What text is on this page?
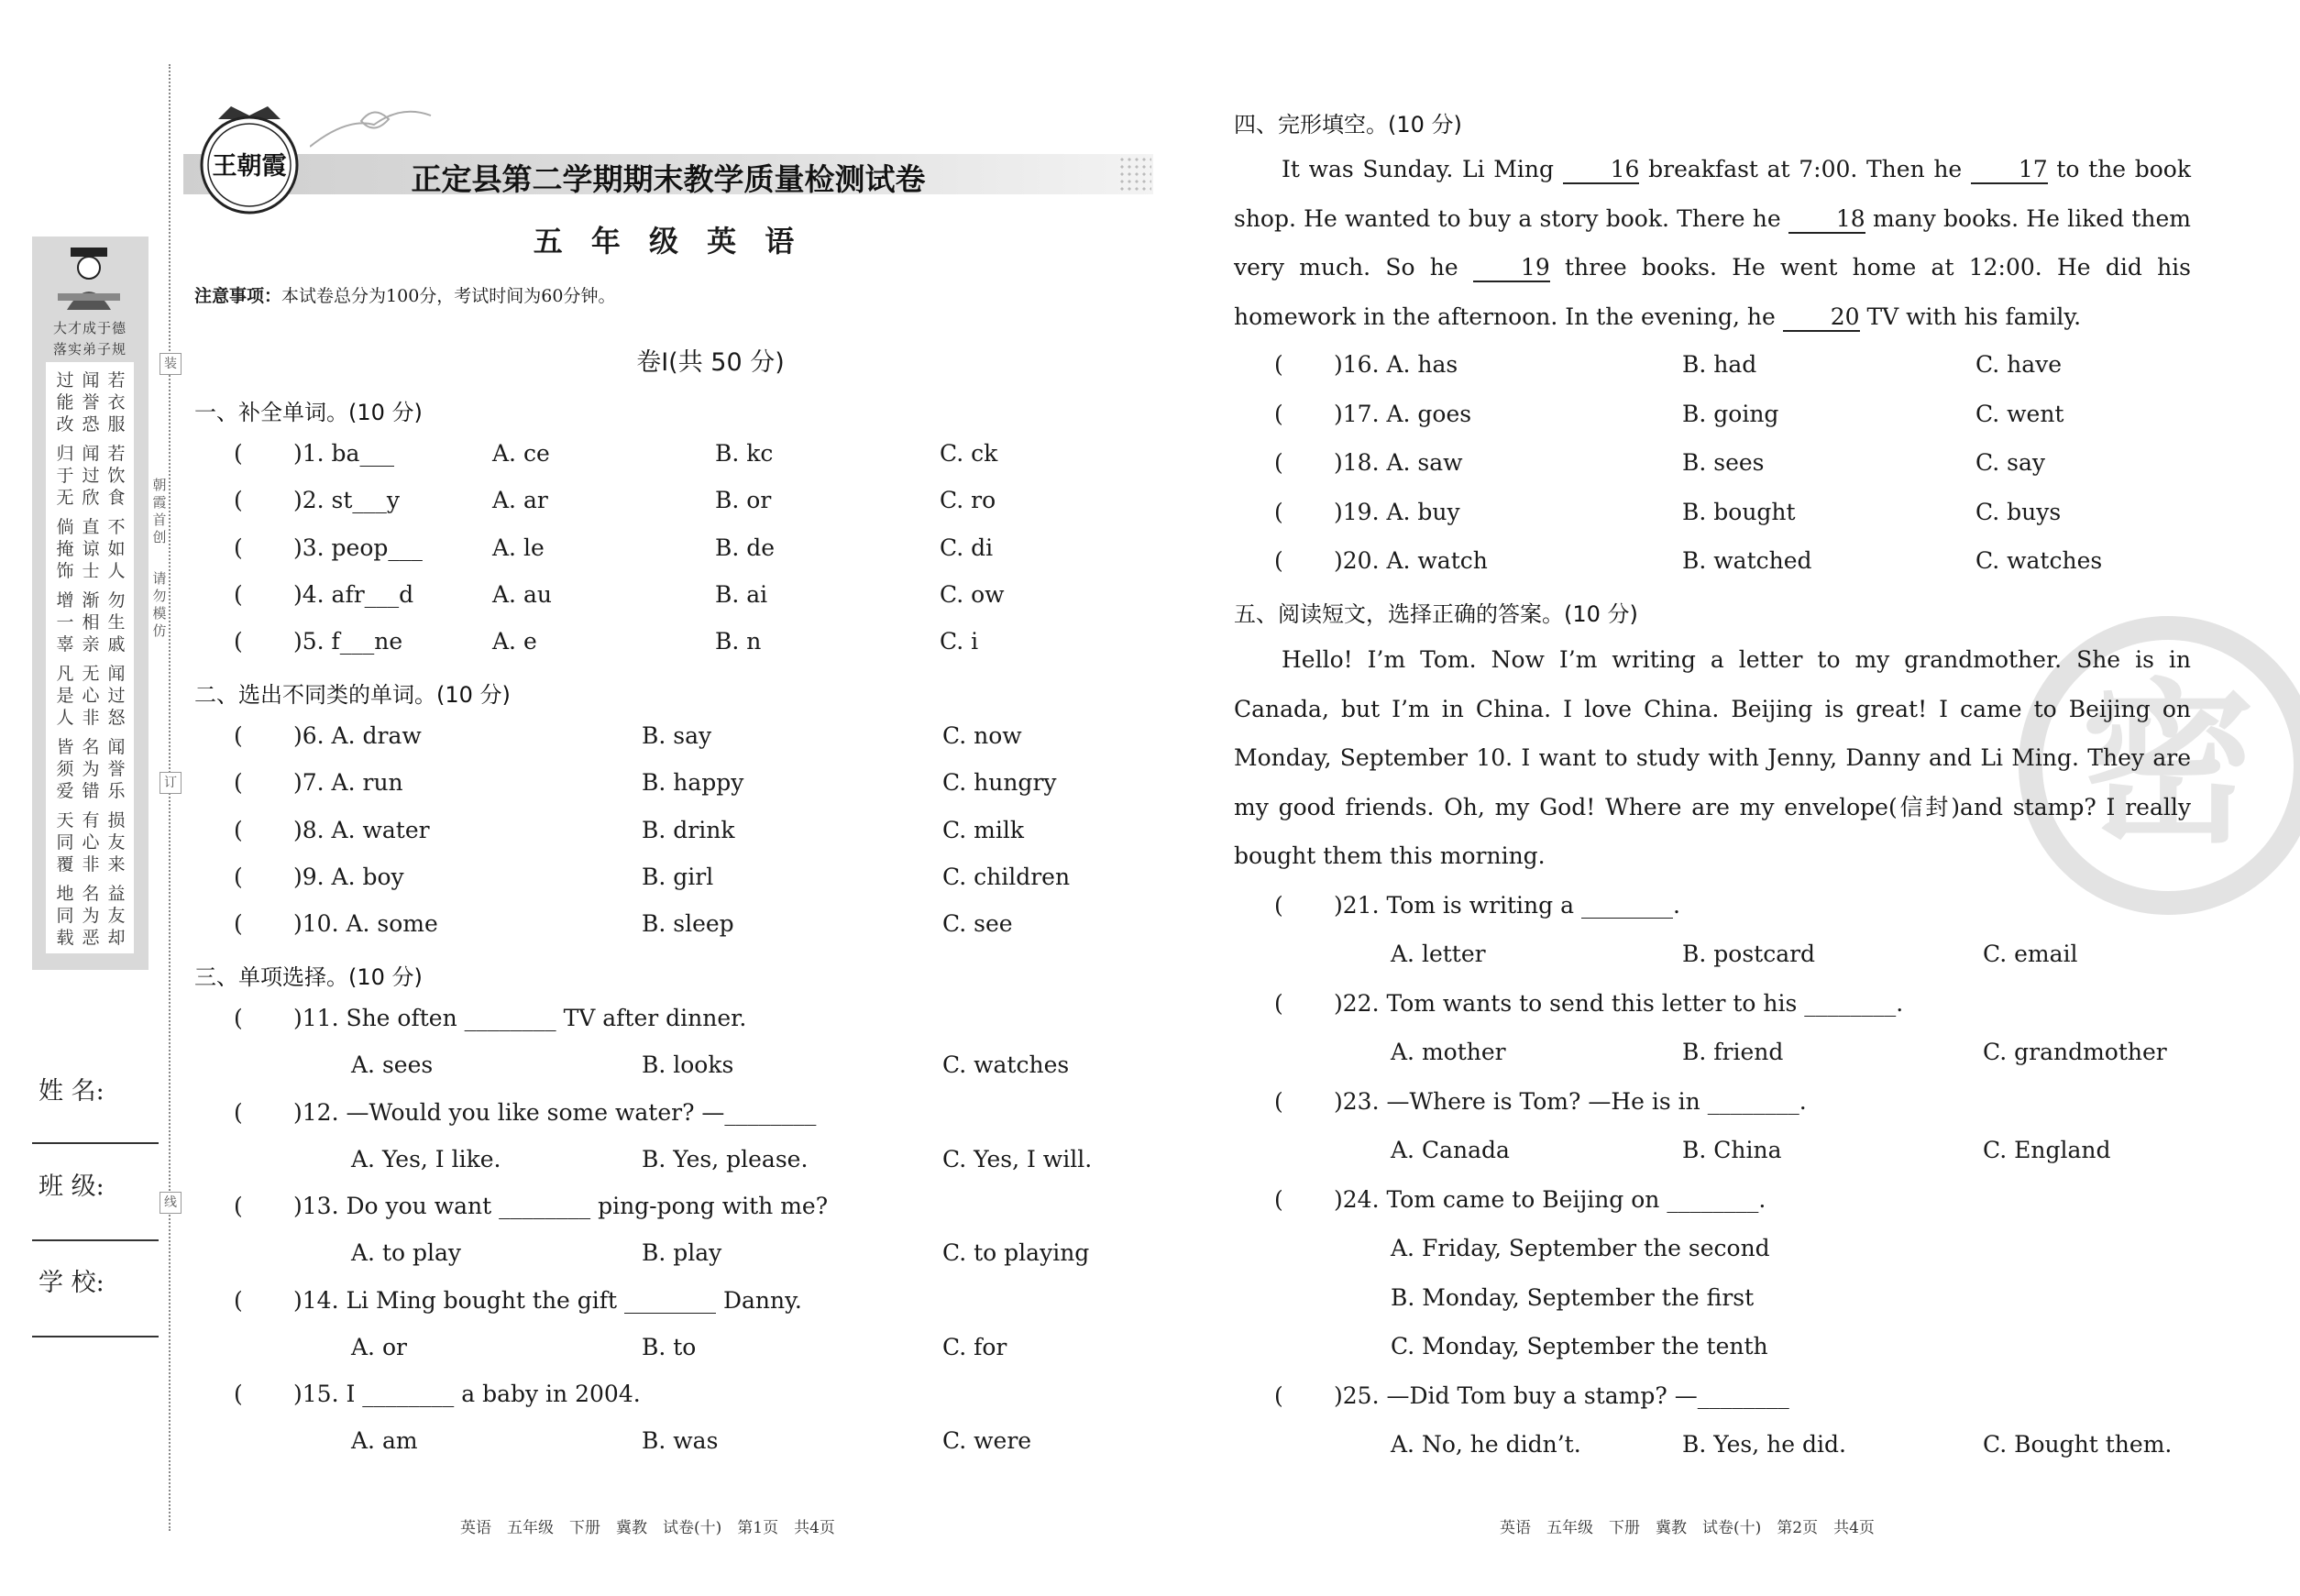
大才成于德
落实弟子规
过能改
闻誉恐
若衣服
归于无
闻过欣
若饮食
倘掩饰
直谅士
不如人
增一辜
渐相亲
勿生戚
凡是人
无心非
闻过怒
皆须爱
名为错
闻誉乐
天同覆
有心非
损友来
地同载
名为恶
益友却
装
订
线
朝霞首创
请勿模仿
姓 名:
班 级:
学 校:
王朝霞	正定县第二学期期末教学质量检测试卷
五 年 级 英 语
注意事项：本试卷总分为100分，考试时间为60分钟。
卷Ⅰ(共 50 分)
一、补全单词。(10 分)
( )1. ba___	A. ce	B. kc	C. ck
( )2. st___y	A. ar	B. or	C. ro
( )3. peop___	A. le	B. de	C. di
( )4. afr___d	A. au	B. ai	C. ow
( )5. f___ne	A. e	B. n	C. i
二、选出不同类的单词。(10 分)
( )6. A. draw	B. say	C. now
( )7. A. run	B. happy	C. hungry
( )8. A. water	B. drink	C. milk
( )9. A. boy	B. girl	C. children
( )10. A. some	B. sleep	C. see
三、单项选择。(10 分)
( )11. She often ________ TV after dinner.
A. sees	B. looks	C. watches
( )12. —Would you like some water? —________
A. Yes, I like.	B. Yes, please.	C. Yes, I will.
( )13. Do you want ________ ping-pong with me?
A. to play	B. play	C. to playing
( )14. Li Ming bought the gift ________ Danny.
A. or	B. to	C. for
( )15. I ________ a baby in 2004.
A. am	B. was	C. were
英语　五年级　下册　冀教　试卷(十)　第1页　共4页
密
四、完形填空。(10 分)
It was Sunday. Li Ming 16 breakfast at 7:00. Then he 17 to the book shop. He wanted to buy a story book. There he 18 many books. He liked them very much. So he 19 three books. He went home at 12:00. He did his homework in the afternoon. In the evening, he 20 TV with his family.
( )16. A. has	B. had	C. have
( )17. A. goes	B. going	C. went
( )18. A. saw	B. sees	C. say
( )19. A. buy	B. bought	C. buys
( )20. A. watch	B. watched	C. watches
五、阅读短文，选择正确的答案。(10 分)
Hello! I’m Tom. Now I’m writing a letter to my grandmother. She is in Canada, but I’m in China. I love China. Beijing is great! I came to Beijing on Monday, September 10. I want to study with Jenny, Danny and Li Ming. They are my good friends. Oh, my God! Where are my envelope(信封)and stamp? I really bought them this morning.
( )21. Tom is writing a ________.
A. letter	B. postcard	C. email
( )22. Tom wants to send this letter to his ________.
A. mother	B. friend	C. grandmother
( )23. —Where is Tom? —He is in ________.
A. Canada	B. China	C. England
( )24. Tom came to Beijing on ________.
A. Friday, September the second
B. Monday, September the first
C. Monday, September the tenth
( )25. —Did Tom buy a stamp? —________
A. No, he didn’t.	B. Yes, he did.	C. Bought them.
英语　五年级　下册　冀教　试卷(十)　第2页　共4页
